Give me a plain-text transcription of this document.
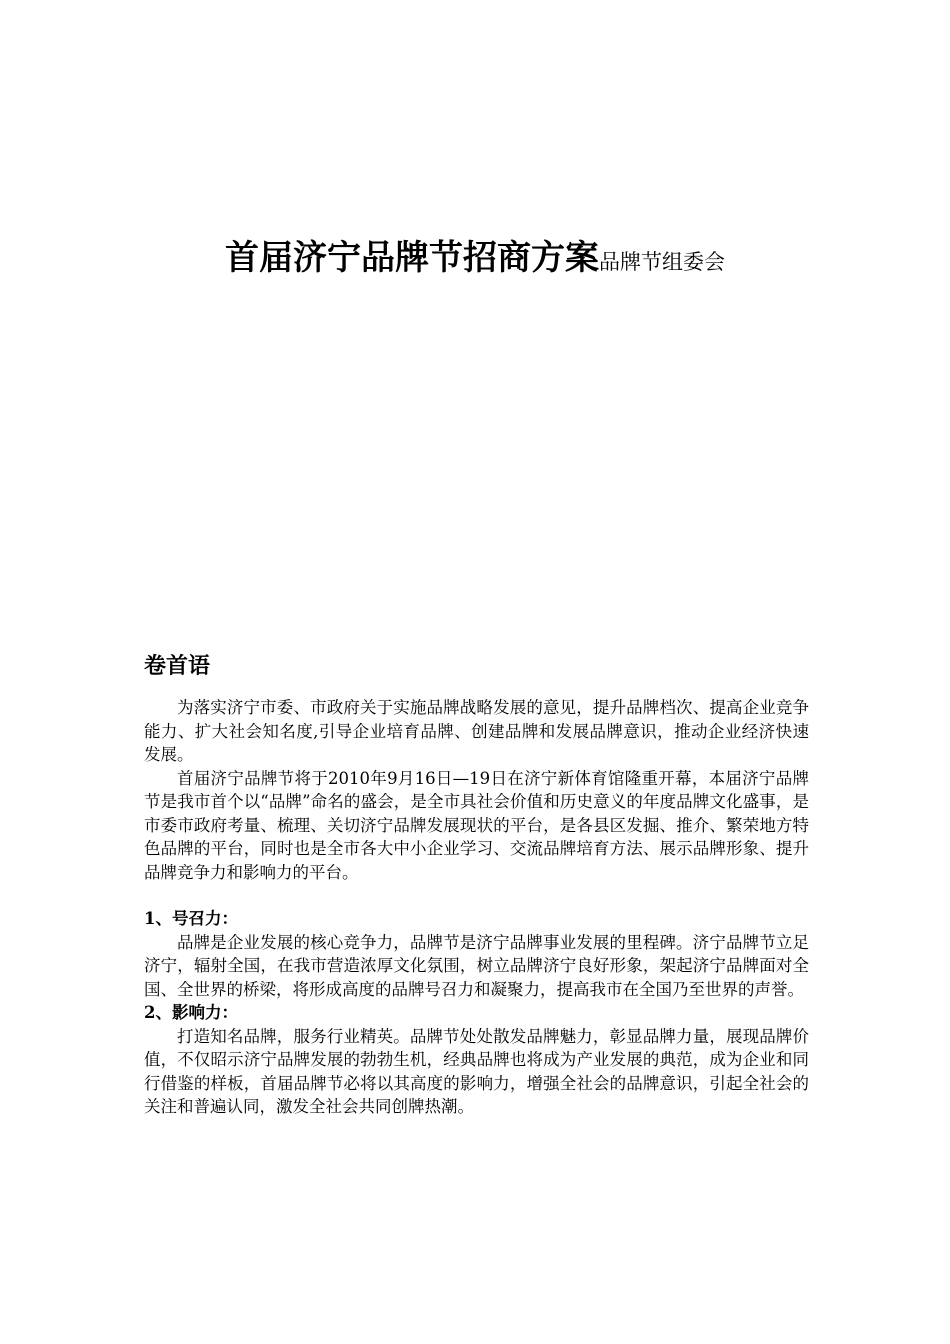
首届济宁品牌节招商方案品牌节组委会
卷首语

为落实济宁市委、市政府关于实施品牌战略发展的意见，提升品牌档次、提高企业竞争能力、扩大社会知名度,引导企业培育品牌、创建品牌和发展品牌意识，推动企业经济快速发展。

首届济宁品牌节将于2010年9月16日—19日在济宁新体育馆隆重开幕，本届济宁品牌节是我市首个以“品牌”命名的盛会，是全市具社会价值和历史意义的年度品牌文化盛事，是市委市政府考量、梳理、关切济宁品牌发展现状的平台，是各县区发掘、推介、繁荣地方特色品牌的平台，同时也是全市各大中小企业学习、交流品牌培育方法、展示品牌形象、提升品牌竞争力和影响力的平台。

1、号召力：

品牌是企业发展的核心竞争力，品牌节是济宁品牌事业发展的里程碑。济宁品牌节立足济宁，辐射全国，在我市营造浓厚文化氛围，树立品牌济宁良好形象，架起济宁品牌面对全国、全世界的桥梁，将形成高度的品牌号召力和凝聚力，提高我市在全国乃至世界的声誉。

2、影响力：

打造知名品牌，服务行业精英。品牌节处处散发品牌魅力，彰显品牌力量，展现品牌价值，不仅昭示济宁品牌发展的勃勃生机，经典品牌也将成为产业发展的典范，成为企业和同行借鉴的样板，首届品牌节必将以其高度的影响力，增强全社会的品牌意识，引起全社会的关注和普遍认同，激发全社会共同创牌热潮。
